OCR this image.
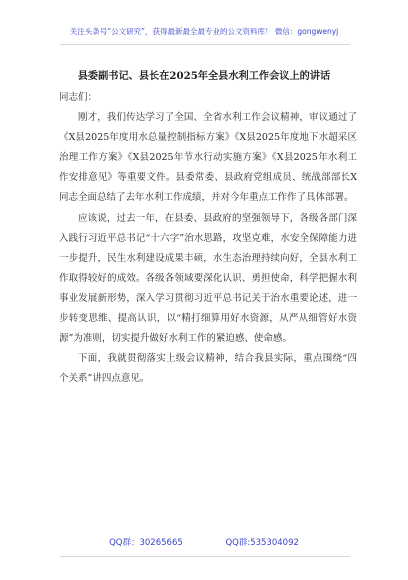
关注头条号“公文研究”，获得最新最全最专业的公文资料库！ 微信：gongwenyj
县委副书记、县长在2025年全县水利工作会议上的讲话

同志们：

刚才，我们传达学习了全国、全省水利工作会议精神，审议通过了《X县2025年度用水总量控制指标方案》《X县2025年度地下水超采区治理工作方案》《X县2025年节水行动实施方案》《X县2025年水利工作安排意见》等重要文件。县委常委、县政府党组成员、统战部部长X同志全面总结了去年水利工作成绩，并对今年重点工作作了具体部署。

应该说，过去一年，在县委、县政府的坚强领导下，各级各部门深入践行习近平总书记“十六字”治水思路，攻坚克难，水安全保障能力进一步提升，民生水利建设成果丰硕，水生态治理持续向好，全县水利工作取得较好的成效。各级各领域要深化认识、勇担使命，科学把握水利事业发展新形势，深入学习贯彻习近平总书记关于治水重要论述，进一步转变思维、提高认识，以“精打细算用好水资源，从严从细管好水资源”为准则，切实提升做好水利工作的紧迫感、使命感。

下面，我就贯彻落实上级会议精神，结合我县实际，重点围绕“四个关系”讲四点意见。

QQ群：30265665	QQ群:535304092
